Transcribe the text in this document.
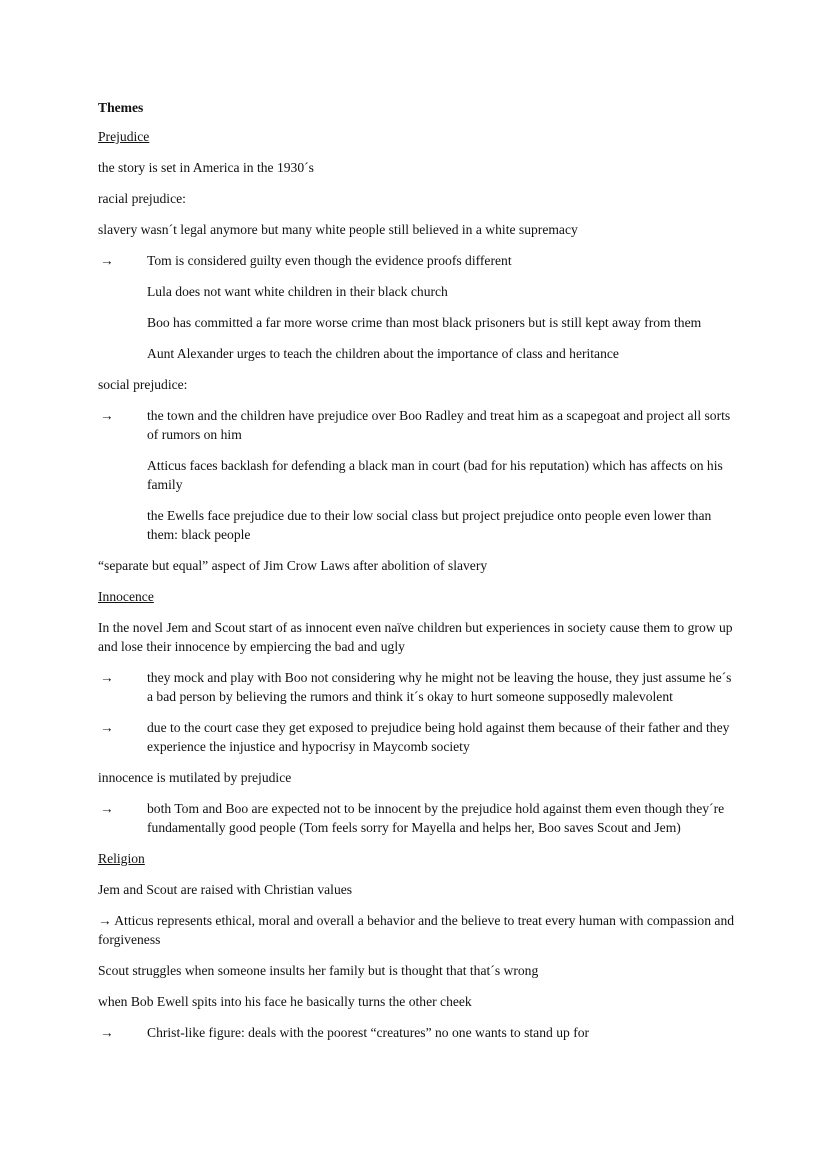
Themes

Prejudice

the story is set in America in the 1930´s

racial prejudice:

slavery wasn´t legal anymore but many white people still believed in a white supremacy

→	Tom is considered guilty even though the evidence proofs different

Lula does not want white children in their black church

Boo has committed a far more worse crime than most black prisoners but is still kept away from them

Aunt Alexander urges to teach the children about the importance of class and heritance

social prejudice:

→	the town and the children have prejudice over Boo Radley and treat him as a scapegoat and project all sorts of rumors on him

Atticus faces backlash for defending a black man in court (bad for his reputation) which has affects on his family

the Ewells face prejudice due to their low social class but project prejudice onto people even lower than them: black people

“separate but equal” aspect of Jim Crow Laws after abolition of slavery

Innocence

In the novel Jem and Scout start of as innocent even naïve children but experiences in society cause them to grow up and lose their innocence by empiercing the bad and ugly

→	they mock and play with Boo not considering why he might not be leaving the house, they just assume he´s a bad person by believing the rumors and think it´s okay to hurt someone supposedly malevolent
→	due to the court case they get exposed to prejudice being hold against them because of their father and they experience the injustice and hypocrisy in Maycomb society

innocence is mutilated by prejudice

→	both Tom and Boo are expected not to be innocent by the prejudice hold against them even though they´re fundamentally good people (Tom feels sorry for Mayella and helps her, Boo saves Scout and Jem)

Religion

Jem and Scout are raised with Christian values

→ Atticus represents ethical, moral and overall a behavior and the believe to treat every human with compassion and forgiveness

Scout struggles when someone insults her family but is thought that that´s wrong

when Bob Ewell spits into his face he basically turns the other cheek

→	Christ-like figure: deals with the poorest “creatures” no one wants to stand up for
